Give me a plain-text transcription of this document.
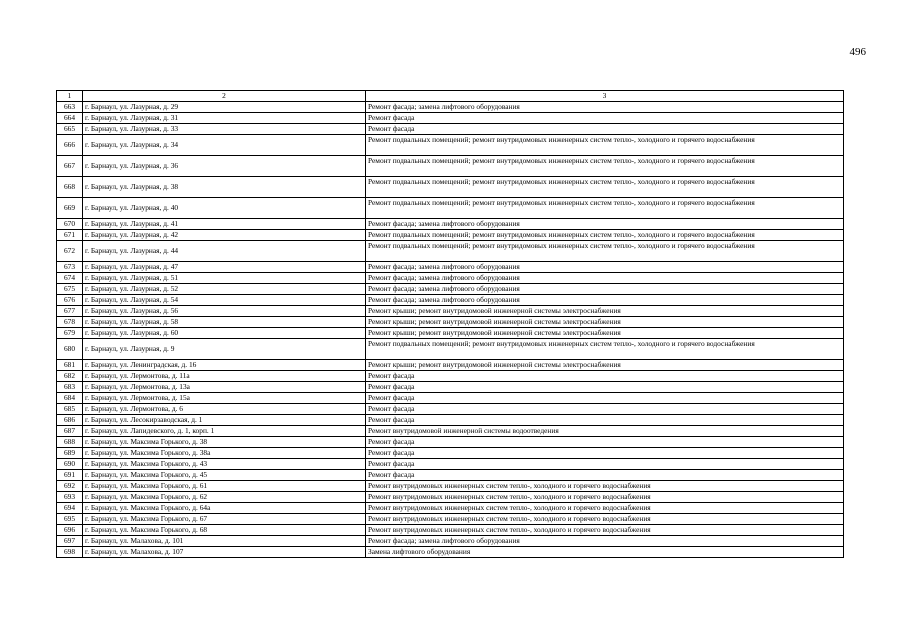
496
1	2	3
663	г. Барнаул, ул. Лазурная, д. 29	Ремонт фасада; замена лифтового оборудования
664	г. Барнаул, ул. Лазурная, д. 31	Ремонт фасада
665	г. Барнаул, ул. Лазурная, д. 33	Ремонт фасада
666	г. Барнаул, ул. Лазурная, д. 34	Ремонт подвальных помещений; ремонт внутридомовых инженерных систем тепло-, холодного и горячего водоснабжения
667	г. Барнаул, ул. Лазурная, д. 36	Ремонт подвальных помещений; ремонт внутридомовых инженерных систем тепло-, холодного и горячего водоснабжения
668	г. Барнаул, ул. Лазурная, д. 38	Ремонт подвальных помещений; ремонт внутридомовых инженерных систем тепло-, холодного и горячего водоснабжения
669	г. Барнаул, ул. Лазурная, д. 40	Ремонт подвальных помещений; ремонт внутридомовых инженерных систем тепло-, холодного и горячего водоснабжения
670	г. Барнаул, ул. Лазурная, д. 41	Ремонт фасада; замена лифтового оборудования
671	г. Барнаул, ул. Лазурная, д. 42	Ремонт подвальных помещений; ремонт внутридомовых инженерных систем тепло-, холодного и горячего водоснабжения
672	г. Барнаул, ул. Лазурная, д. 44	Ремонт подвальных помещений; ремонт внутридомовых инженерных систем тепло-, холодного и горячего водоснабжения
673	г. Барнаул, ул. Лазурная, д. 47	Ремонт фасада; замена лифтового оборудования
674	г. Барнаул, ул. Лазурная, д. 51	Ремонт фасада; замена лифтового оборудования
675	г. Барнаул, ул. Лазурная, д. 52	Ремонт фасада; замена лифтового оборудования
676	г. Барнаул, ул. Лазурная, д. 54	Ремонт фасада; замена лифтового оборудования
677	г. Барнаул, ул. Лазурная, д. 56	Ремонт крыши; ремонт внутридомовой инженерной системы электроснабжения
678	г. Барнаул, ул. Лазурная, д. 58	Ремонт крыши; ремонт внутридомовой инженерной системы электроснабжения
679	г. Барнаул, ул. Лазурная, д. 60	Ремонт крыши; ремонт внутридомовой инженерной системы электроснабжения
680	г. Барнаул, ул. Лазурная, д. 9	Ремонт подвальных помещений; ремонт внутридомовых инженерных систем тепло-, холодного и горячего водоснабжения
681	г. Барнаул, ул. Ленинградская, д. 16	Ремонт крыши; ремонт внутридомовой инженерной системы электроснабжения
682	г. Барнаул, ул. Лермонтова, д. 11а	Ремонт фасада
683	г. Барнаул, ул. Лермонтова, д. 13а	Ремонт фасада
684	г. Барнаул, ул. Лермонтова, д. 15а	Ремонт фасада
685	г. Барнаул, ул. Лермонтова, д. 6	Ремонт фасада
686	г. Барнаул, ул. Лесокирзаводская, д. 1	Ремонт фасада
687	г. Барнаул, ул. Лапидевского, д. 1, корп. 1	Ремонт внутридомовой инженерной системы водоотведения
688	г. Барнаул, ул. Максима Горького, д. 38	Ремонт фасада
689	г. Барнаул, ул. Максима Горького, д. 38а	Ремонт фасада
690	г. Барнаул, ул. Максима Горького, д. 43	Ремонт фасада
691	г. Барнаул, ул. Максима Горького, д. 45	Ремонт фасада
692	г. Барнаул, ул. Максима Горького, д. 61	Ремонт внутридомовых инженерных систем тепло-, холодного и горячего водоснабжения
693	г. Барнаул, ул. Максима Горького, д. 62	Ремонт внутридомовых инженерных систем тепло-, холодного и горячего водоснабжения
694	г. Барнаул, ул. Максима Горького, д. 64а	Ремонт внутридомовых инженерных систем тепло-, холодного и горячего водоснабжения
695	г. Барнаул, ул. Максима Горького, д. 67	Ремонт внутридомовых инженерных систем тепло-, холодного и горячего водоснабжения
696	г. Барнаул, ул. Максима Горького, д. 68	Ремонт внутридомовых инженерных систем тепло-, холодного и горячего водоснабжения
697	г. Барнаул, ул. Малахова, д. 101	Ремонт фасада; замена лифтового оборудования
698	г. Барнаул, ул. Малахова, д. 107	Замена лифтового оборудования
